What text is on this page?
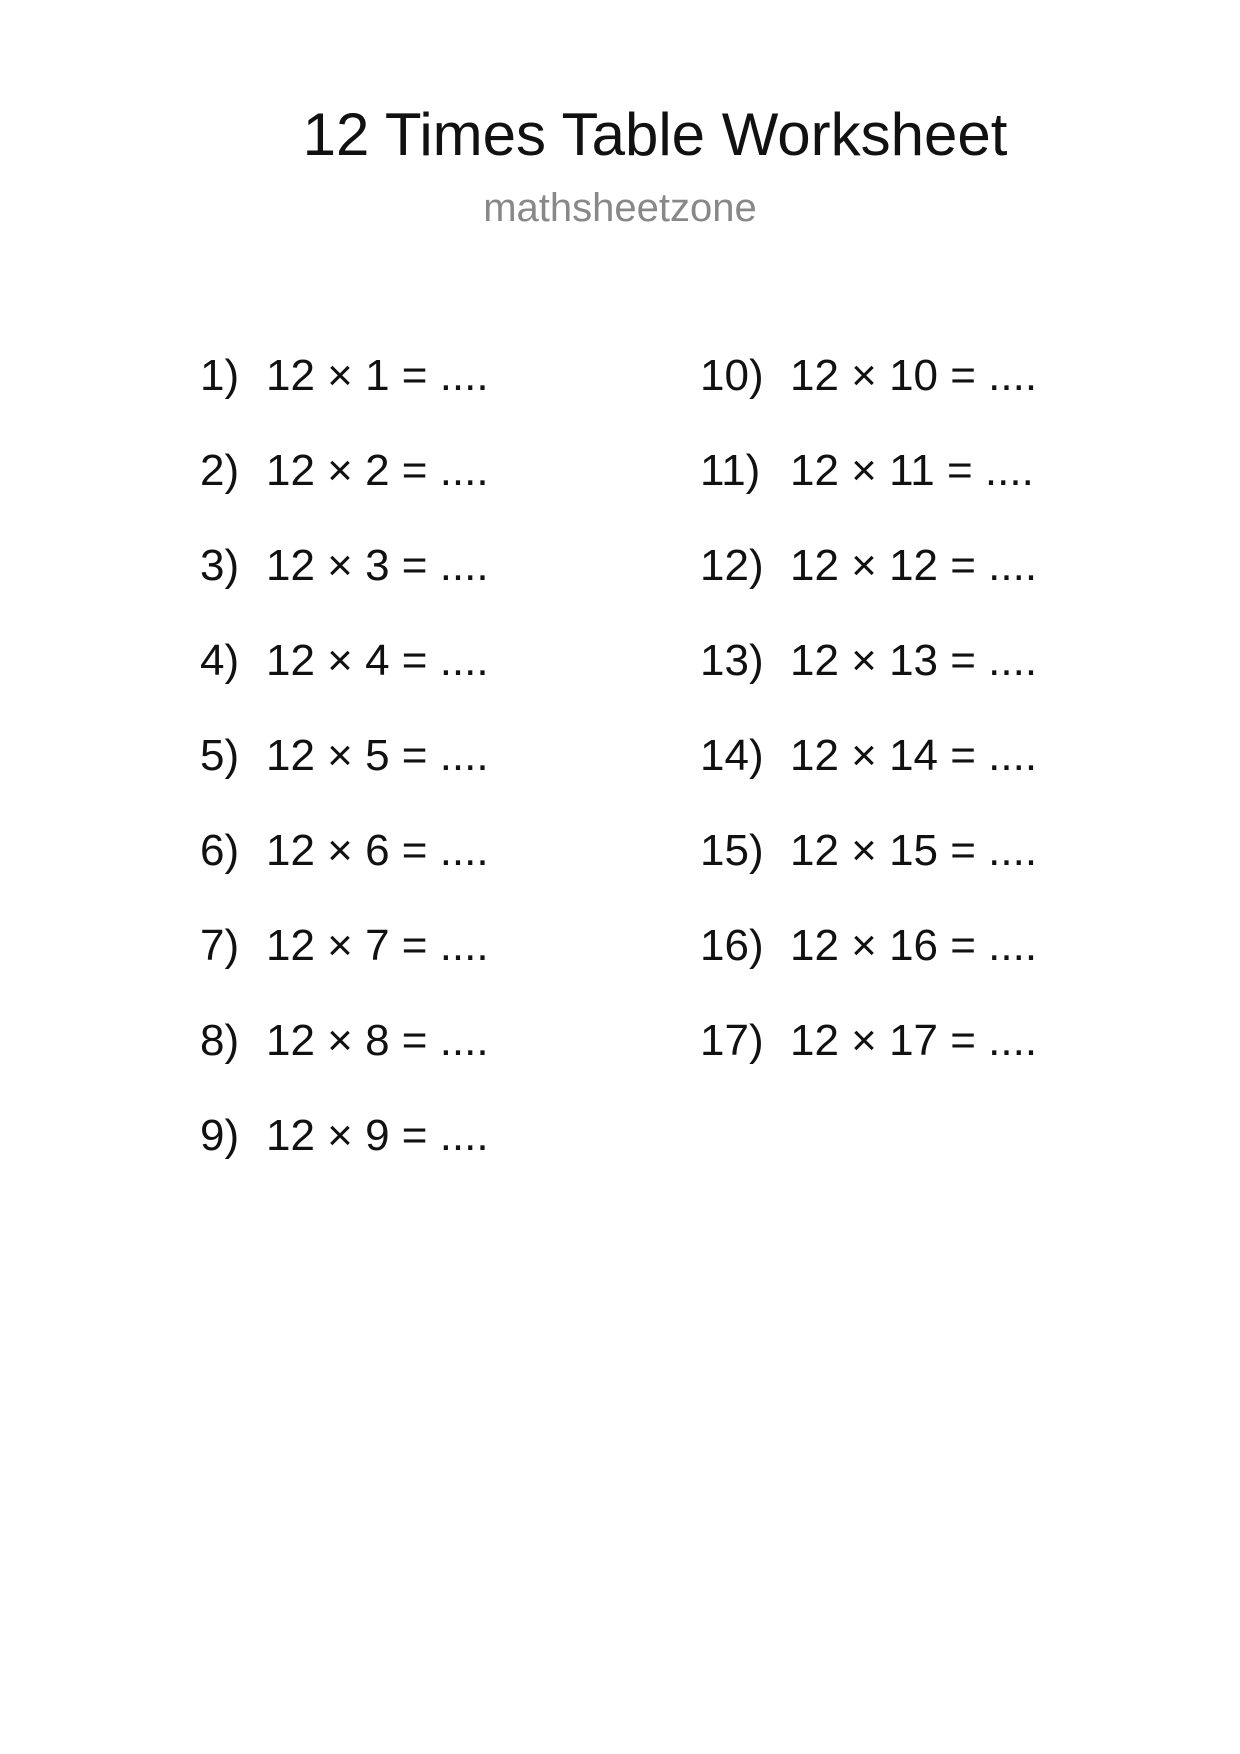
12 Times Table Worksheet
mathsheetzone
1) 12 × 1 = ....
2) 12 × 2 = ....
3) 12 × 3 = ....
4) 12 × 4 = ....
5) 12 × 5 = ....
6) 12 × 6 = ....
7) 12 × 7 = ....
8) 12 × 8 = ....
9) 12 × 9 = ....
10) 12 × 10 = ....
11) 12 × 11 = ....
12) 12 × 12 = ....
13) 12 × 13 = ....
14) 12 × 14 = ....
15) 12 × 15 = ....
16) 12 × 16 = ....
17) 12 × 17 = ....
